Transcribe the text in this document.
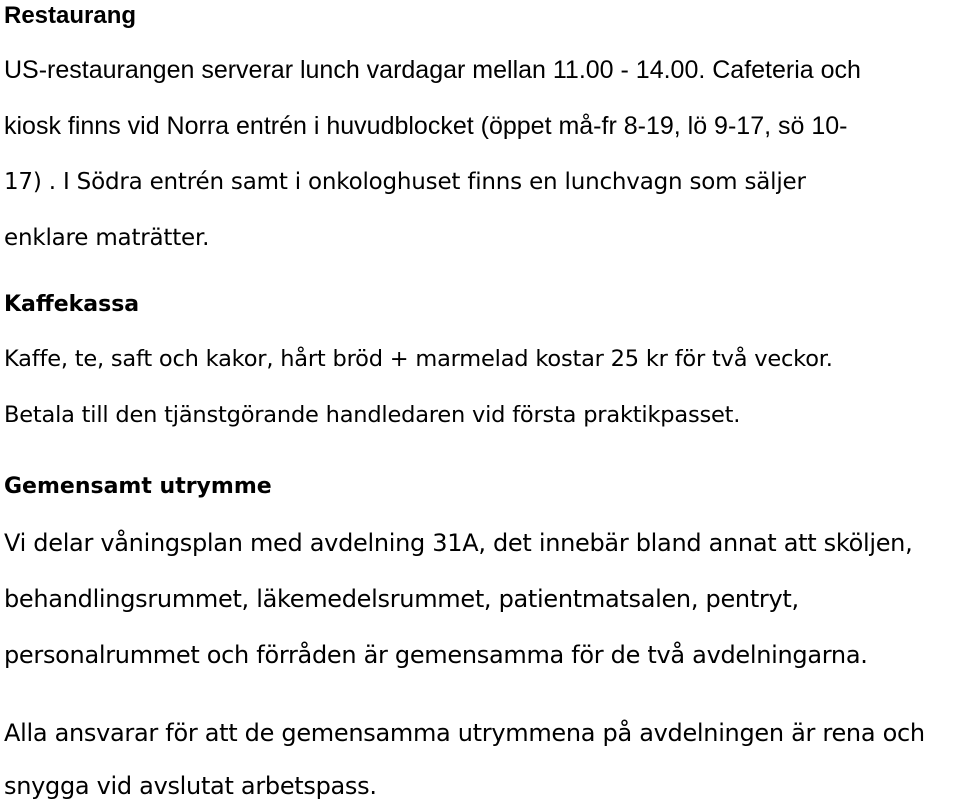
Restaurang
US-restaurangen serverar lunch vardagar mellan 11.00 - 14.00. Cafeteria och
kiosk finns vid Norra entrén i huvudblocket (öppet må-fr 8-19, lö 9-17, sö 10-
17) . I Södra entrén samt i onkologhuset finns en lunchvagn som säljer
enklare maträtter.
Kaffekassa
Kaffe, te, saft och kakor, hårt bröd + marmelad kostar 25 kr för två veckor.
Betala till den tjänstgörande handledaren vid första praktikpasset.
Gemensamt utrymme
Vi delar våningsplan med avdelning 31A, det innebär bland annat att sköljen,
behandlingsrummet, läkemedelsrummet, patientmatsalen, pentryt,
personalrummet och förråden är gemensamma för de två avdelningarna.
Alla ansvarar för att de gemensamma utrymmena på avdelningen är rena och
snygga vid avslutat arbetspass.
